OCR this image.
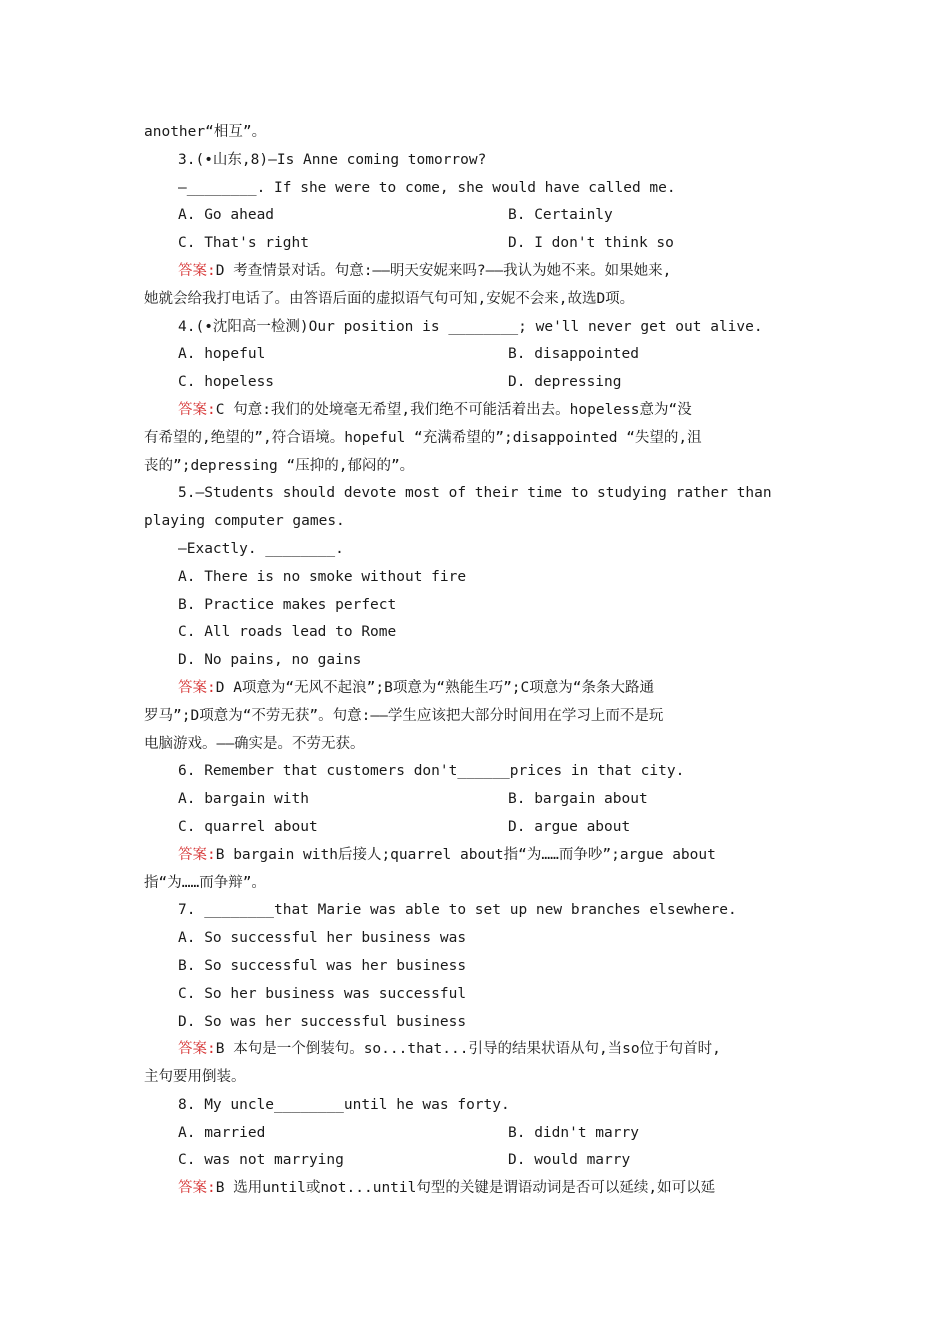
another“相互”。
3.(•山东,8)—Is Anne coming tomorrow?
—________. If she were to come, she would have called me.
A. Go ahead	B. Certainly
C. That's right	D. I don't think so
答案:D 考查情景对话。句意:——明天安妮来吗?——我认为她不来。如果她来,
她就会给我打电话了。由答语后面的虚拟语气句可知,安妮不会来,故选D项。
4.(•沈阳高一检测)Our position is ________; we'll never get out alive.
A. hopeful	B. disappointed
C. hopeless	D. depressing
答案:C 句意:我们的处境毫无希望,我们绝不可能活着出去。hopeless意为“没
有希望的,绝望的”,符合语境。hopeful “充满希望的”;disappointed “失望的,沮
丧的”;depressing “压抑的,郁闷的”。
5.—Students should devote most of their time to studying rather than
playing computer games.
—Exactly. ________.
A. There is no smoke without fire
B. Practice makes perfect
C. All roads lead to Rome
D. No pains, no gains
答案:D A项意为“无风不起浪”;B项意为“熟能生巧”;C项意为“条条大路通
罗马”;D项意为“不劳无获”。句意:——学生应该把大部分时间用在学习上而不是玩
电脑游戏。——确实是。不劳无获。
6. Remember that customers don't______prices in that city.
A. bargain with	B. bargain about
C. quarrel about	D. argue about
答案:B bargain with后接人;quarrel about指“为……而争吵”;argue about
指“为……而争辩”。
7. ________that Marie was able to set up new branches elsewhere.
A. So successful her business was
B. So successful was her business
C. So her business was successful
D. So was her successful business
答案:B 本句是一个倒装句。so...that...引导的结果状语从句,当so位于句首时,
主句要用倒装。
8. My uncle________until he was forty.
A. married	B. didn't marry
C. was not marrying	D. would marry
答案:B 选用until或not...until句型的关键是谓语动词是否可以延续,如可以延
